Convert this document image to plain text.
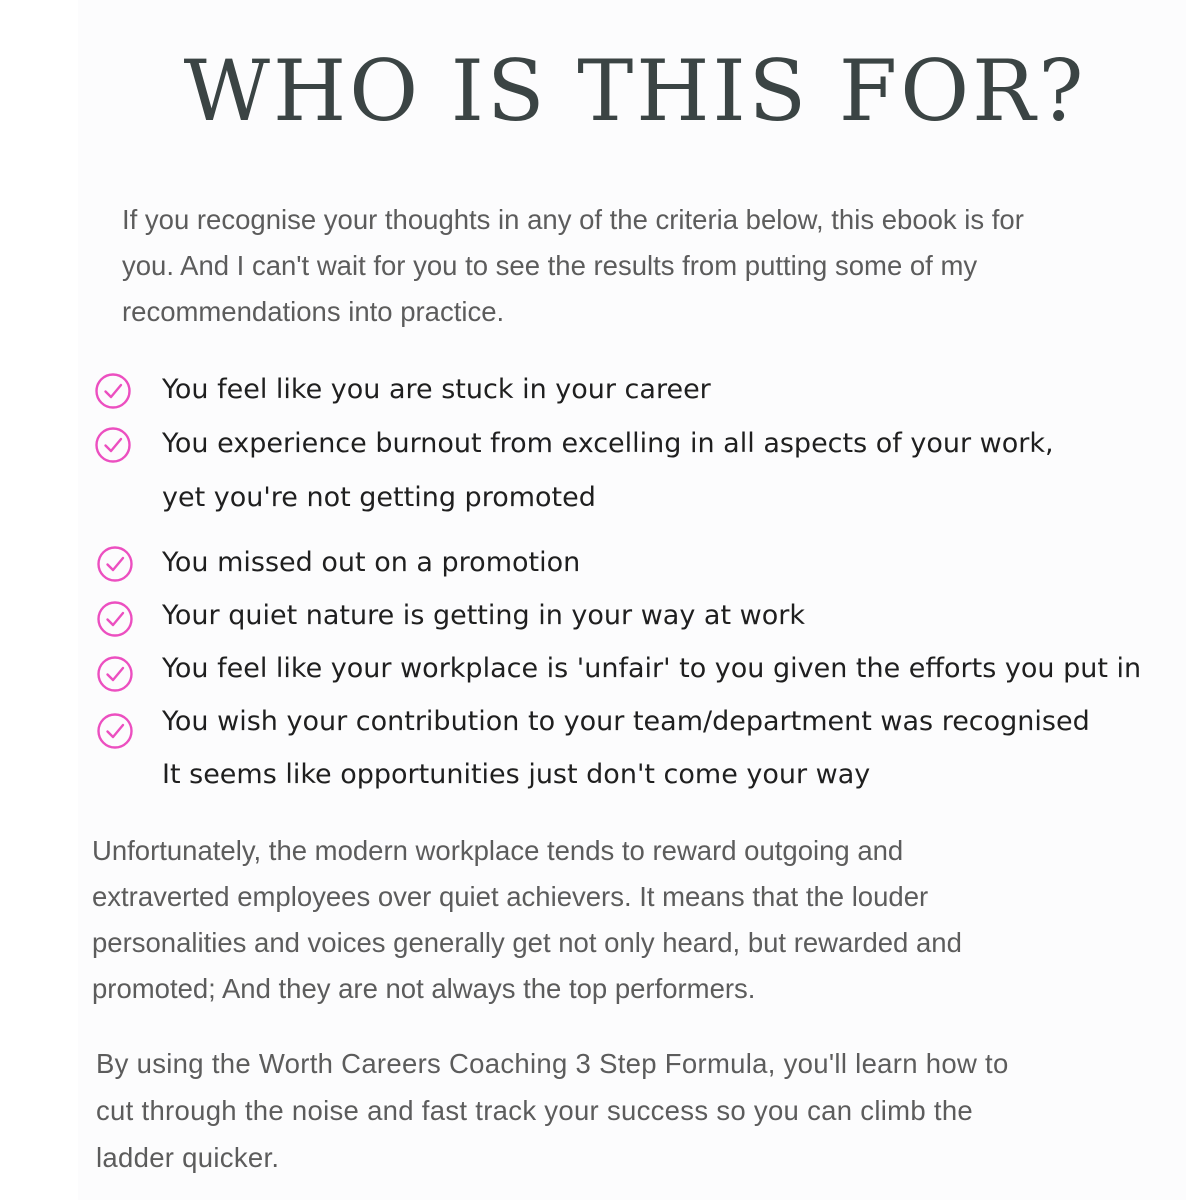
WHO IS THIS FOR?
If you recognise your thoughts in any of the criteria below, this ebook is for
you. And I can't wait for you to see the results from putting some of my
recommendations into practice.
You feel like you are stuck in your career
You experience burnout from excelling in all aspects of your work,
yet you're not getting promoted
You missed out on a promotion
Your quiet nature is getting in your way at work
You feel like your workplace is 'unfair' to you given the efforts you put in
You wish your contribution to your team/department was recognised
It seems like opportunities just don't come your way
Unfortunately, the modern workplace tends to reward outgoing and
extraverted employees over quiet achievers. It means that the louder
personalities and voices generally get not only heard, but rewarded and
promoted; And they are not always the top performers.
By using the Worth Careers Coaching 3 Step Formula, you'll learn how to
cut through the noise and fast track your success so you can climb the
ladder quicker.
